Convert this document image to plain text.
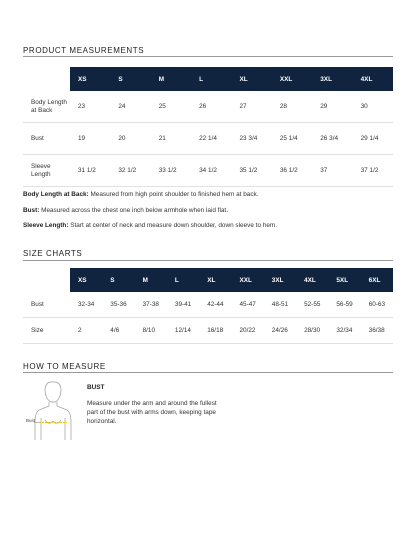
PRODUCT MEASUREMENTS
	XS	S	M	L	XL	XXL	3XL	4XL
Body Length at Back	23	24	25	26	27	28	29	30
Bust	19	20	21	22 1/4	23 3/4	25 1/4	26 3/4	29 1/4
Sleeve Length	31 1/2	32 1/2	33 1/2	34 1/2	35 1/2	36 1/2	37	37 1/2
Body Length at Back: Measured from high point shoulder to finished hem at back.
Bust: Measured across the chest one inch below armhole when laid flat.
Sleeve Length: Start at center of neck and measure down shoulder, down sleeve to hem.
SIZE CHARTS
	XS	S	M	L	XL	XXL	3XL	4XL	5XL	6XL
Bust	32-34	35-36	37-38	39-41	42-44	45-47	48-51	52-55	56-59	60-63
Size	2	4/6	8/10	12/14	16/18	20/22	24/26	28/30	32/34	36/38
HOW TO MEASURE
Bust
BUST
Measure under the arm and around the fullest part of the bust with arms down, keeping tape horizontal.
